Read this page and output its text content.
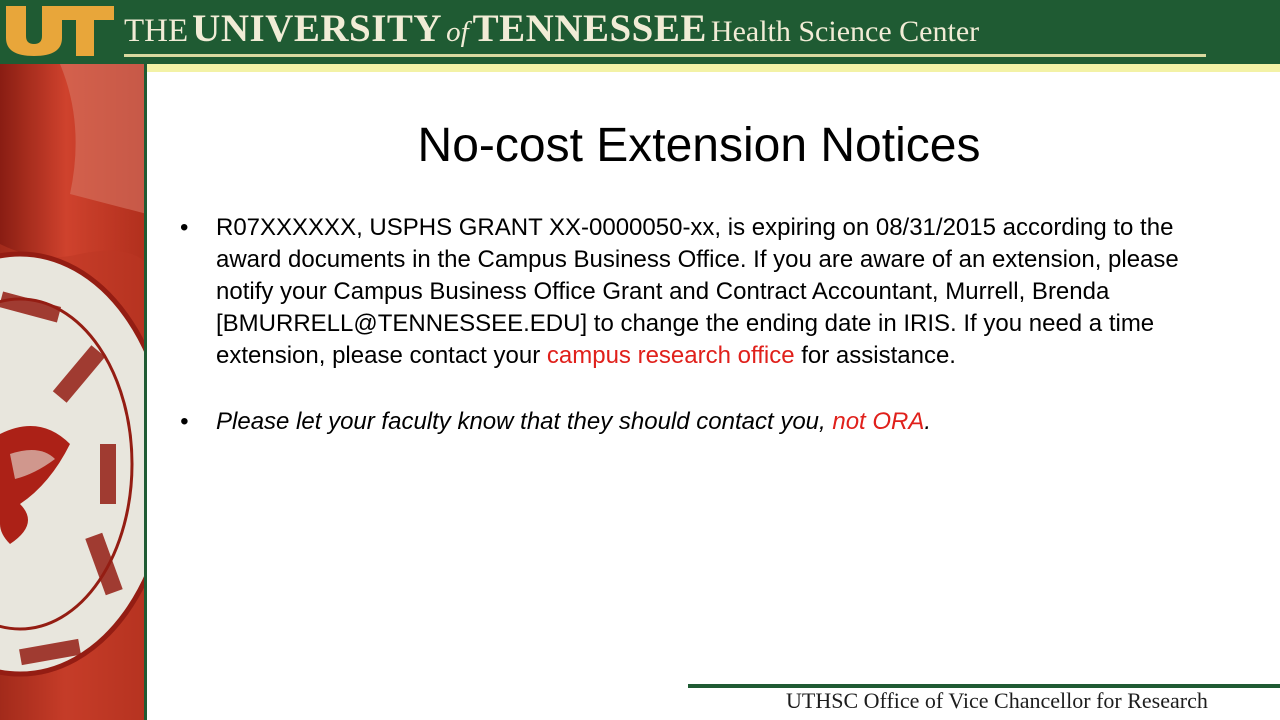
THE UNIVERSITY of TENNESSEE Health Science Center
No-cost Extension Notices

• R07XXXXXX, USPHS GRANT XX-0000050-xx, is expiring on 08/31/2015 according to the award documents in the Campus Business Office. If you are aware of an extension, please notify your Campus Business Office Grant and Contract Accountant, Murrell, Brenda [BMURRELL@TENNESSEE.EDU] to change the ending date in IRIS. If you need a time extension, please contact your campus research office for assistance.

• Please let your faculty know that they should contact you, not ORA.

UTHSC Office of Vice Chancellor for Research
